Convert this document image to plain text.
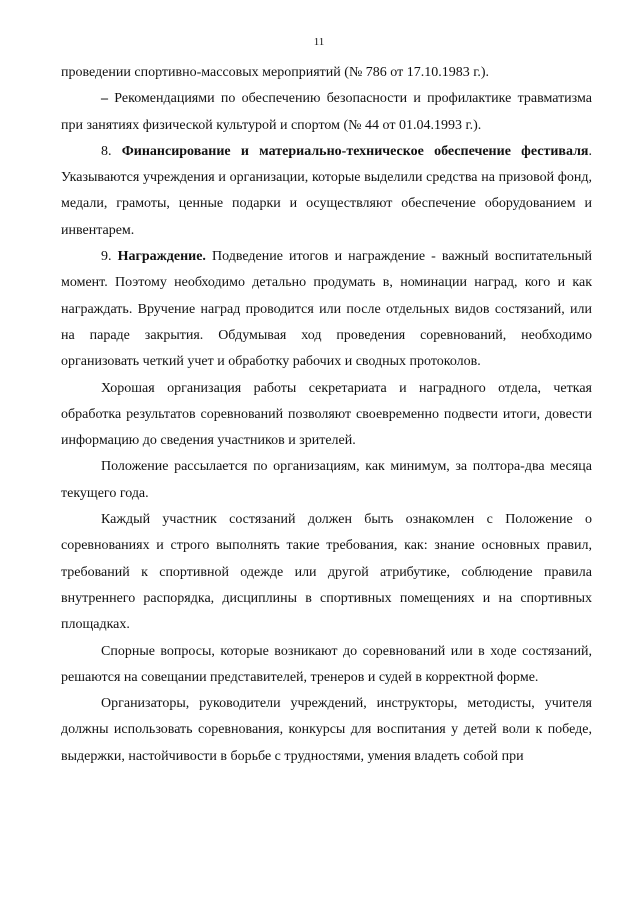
11

проведении спортивно-массовых мероприятий (№ 786 от 17.10.1983 г.).

– Рекомендациями по обеспечению безопасности и профилактике травматизма при занятиях физической культурой и спортом (№ 44 от 01.04.1993 г.).

8. Финансирование и материально-техническое обеспечение фестиваля. Указываются учреждения и организации, которые выделили средства на призовой фонд, медали, грамоты, ценные подарки и осуществляют обеспечение оборудованием и инвентарем.

9. Награждение. Подведение итогов и награждение - важный воспитательный момент. Поэтому необходимо детально продумать в, номинации наград, кого и как награждать. Вручение наград проводится или после отдельных видов состязаний, или на параде закрытия. Обдумывая ход проведения соревнований, необходимо организовать четкий учет и обработку рабочих и сводных протоколов.

Хорошая организация работы секретариата и наградного отдела, четкая обработка результатов соревнований позволяют своевременно подвести итоги, довести информацию до сведения участников и зрителей.

Положение рассылается по организациям, как минимум, за полтора-два месяца текущего года.

Каждый участник состязаний должен быть ознакомлен с Положение о соревнованиях и строго выполнять такие требования, как: знание основных правил, требований к спортивной одежде или другой атрибутике, соблюдение правила внутреннего распорядка, дисциплины в спортивных помещениях и на спортивных площадках.

Спорные вопросы, которые возникают до соревнований или в ходе состязаний, решаются на совещании представителей, тренеров и судей в корректной форме.

Организаторы, руководители учреждений, инструкторы, методисты, учителя должны использовать соревнования, конкурсы для воспитания у детей воли к победе, выдержки, настойчивости в борьбе с трудностями, умения владеть собой при
